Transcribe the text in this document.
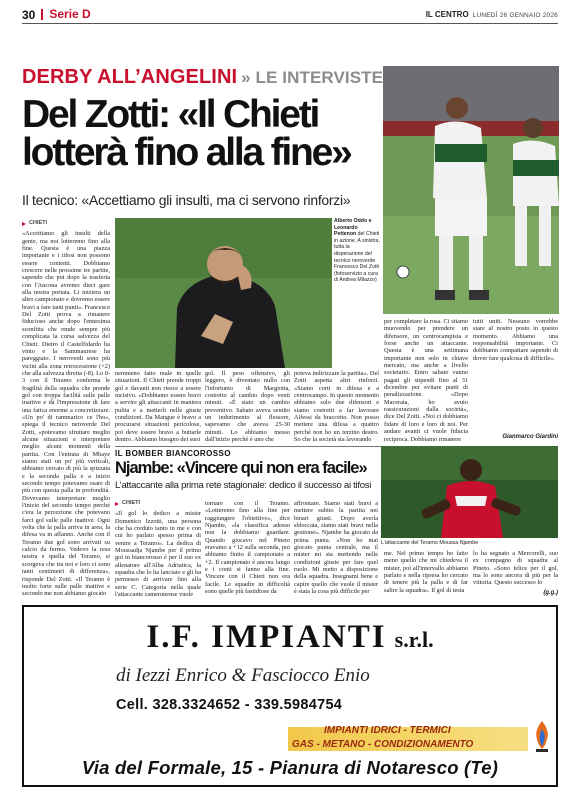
30	Serie D	IL CENTRO LUNEDÌ 26 GENNAIO 2026
DERBY ALL’ANGELINI » LE INTERVISTE
Del Zotti: «Il Chieti
lotterà fino alla fine»
Il tecnico: «Accettiamo gli insulti, ma ci servono rinforzi»
Alberto Oddo e Leonardo Pettenon del Chieti in azione. A sinistra, tutta la disperazione del tecnico neroverde Francesco Del Zotti (fotoservizio a cura di Andrea Milazzo)
CHIETI
«Accettiamo gli insulti della gente, ma noi lotteremo fino alla fine. Questa è una piazza importante e i tifosi non possono essere contenti. Dobbiamo crescere nelle prossime tre partite, sapendo che poi dopo la trasferta con l'Ancona avremo dieci gare alla nostra portata. Li iniziera un altro campionato e dovremo essere bravi a fare tanti punti». Francesco Del Zotti prova a rimanere fiducioso anche dopo l'ennesima sconfitta che rende sempre più complicata la corsa salvezza del Chieti. Dietro il Castelfidardo ha vinto e la Sammaurese ha pareggiato. I neroverdi sono più vicini alla zona retrocessione (+2) che alla salvezza diretta (-8). Lo 0-3 con il Teramo conferma le fragilità della squadra che prende gol con troppa facilità sulle palle inattive e dà l'impressione di fare una fatica enorme a concretizzare. «Un po' di rammarico ce l'ho», spiega il tecnico neroverde Del Zotti, «potevamo sfruttare meglio alcune situazioni e interpretare meglio alcuni momenti della partita. Con l'entrata di Mbaye siamo stati un po' più verticali, abbiamo cercato di più la spizzata e la seconda palla e a inizio secondo tempo potevamo osare di più con questa palla in profondità. Dovevamo interpretare meglio l'inizio del secondo tempo perché c'era la percezione che potevano farci gol sulle palle inattive. Ogni volta che la palla arriva in area, la difesa va in affanno. Anche con il Teramo due gol sono arrivati su calcio da fermo. Vedevo la resa nostra e quella del Teramo, si scorgeva che tra noi e loro ci sono tanti centimetri di differenza», risponde Del Zotti. «Il Teramo è molto forte sulle palle inattive e secondo me non abbiamo giocato
nemmeno fatto male in quelle situazioni. Il Chieti prende troppi gol e davanti non riesce a essere incisivo. «Dobbiamo essere bravi a servire gli attaccanti in maniera pulita e a metterli nelle giuste condizioni. Da Mangue è bravo a procurarsi situazioni pericolose, poi deve essere bravo a buttarle dentro. Abbiamo bisogno dei suoi
gol. Il peso offensivo, gli leggero, è diventato nullo con l'infortunio di Margiotta, costretto al cambio dopo venti minuti. «È stato un cambio preventivo. Sabato aveva sentito un indurimento al flessore, sapevamo che aveva 25-30 minuti. Lo abbiamo messo dall'inizio perché è uno che
poteva indirizzare la partita». Del Zotti aspetta altri rinforzi. «Siamo corti in difesa e a centrocampo. In questo momento abbiamo solo due difensori e siamo costretti a far lavorare Alfessi da braccetto. Non posso mettere una difesa a quattro perché non ho un terzino destro. So che la società sta lavorando
per completare la rosa. Ci stiamo muovendo per prendere un difensore, un centrocampista e forse anche un attaccante. Questa è una settimana importante non solo in chiave mercato, ma anche a livello societario. Entro sabato vanno pagati gli stipendi fino al 31 dicembre per evitare punti di penalizzazione. «Dopo Macerata, ho avuto rassicurazioni dalla società», dice Del Zotti. «Noi ci dobbiamo fidare di loro e loro di noi. Per andare avanti ci vuole fiducia reciproca. Dobbiamo rimanere
tutti uniti. Nessuno vorrebbe stare al nostro posto in questo momento. Abbiamo una responsabilità importante. Ci dobbiamo compattare sapendo di dover fare qualcosa di difficile».
Gianmarco Giardini
IL BOMBER BIANCOROSSO
Njambe: «Vincere qui non era facile»
L’attaccante alla prima rete stagionale: dedico il successo ai tifosi
L’attaccante del Teramo Moussa Njambe
CHIETI
«Il gol lo dedico a mister Domenico Izzotti, una persona che ha creduto tanto in me e con cui ho parlato spesso prima di venire a Teramo». La dedica di Moussadja Njambe per il primo gol in biancorosso è per il suo ex allenatore all'Alba Adriatica, la squadra che lo ha lanciato e gli ha permesso di arrivare fino alla serie C. Categoria nella quale l'attaccante camerunense vuole
tornare con il Teramo. «Lotteremo fino alla fine per raggiungere l'obiettivo», dice Njambe, «la classifica adesso non la dobbiamo guardare. Quando giocavo nel Pineto eravamo a +12 sulla seconda, poi abbiamo finito il campionato a +2. Il campionato è ancora lungo e i conti si fanno alla fine. Vincere con il Chieti non era facile. Le squadre in difficoltà sono quelle più fastidiose da
affrontare. Siamo stati bravi a mettere subito la partita nei binari giusti. Dopo averla sbloccata, siamo stati bravi nella gestione». Njambe ha giocato da prima punta. «Non ho mai giocato punta centrale, ma il mister mi sta mettendo nelle condizioni giuste per fare quel ruolo. Mi metto a disposizione della squadra. Insegnami bene e capire quello che vuole il mister è stata la cosa più difficile per
me. Nel primo tempo ho fatto meno quello che mi chiedeva il mister, poi all'intervallo abbiamo parlato e nella ripresa ho cercato di tenere più la palla e di far salire la squadra». Il gol di testa
lo ha segnato a Mercorelli, suo ex compagno di squadra al Pineto. «Sono felice per il gol, ma lo sono ancora di più per la vittoria. Questo successo lo
(g.g.)
I.F. IMPIANTI s.r.l.
di Iezzi Enrico & Fasciocco Enio
Cell. 328.3324652 - 339.5984754
IMPIANTI IDRICI - TERMICI
GAS - METANO - CONDIZIONAMENTO
Via del Formale, 15 - Pianura di Notaresco (Te)
